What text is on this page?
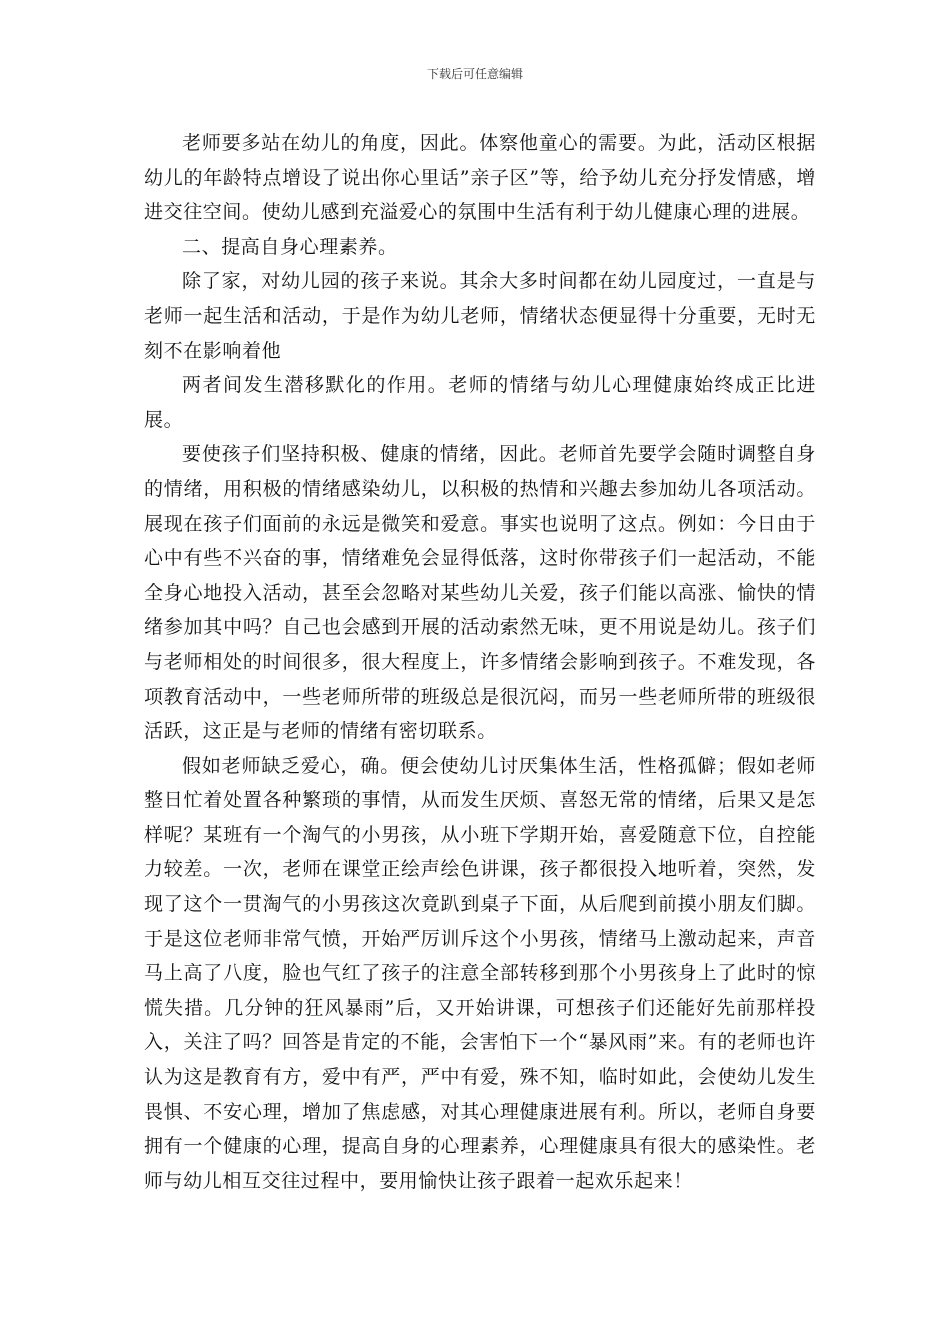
下载后可任意编辑

老师要多站在幼儿的角度，因此。体察他童心的需要。为此，活动区根据幼儿的年龄特点增设了说出你心里话”亲子区”等，给予幼儿充分抒发情感，增进交往空间。使幼儿感到充溢爱心的氛围中生活有利于幼儿健康心理的进展。

二、提高自身心理素养。

除了家，对幼儿园的孩子来说。其余大多时间都在幼儿园度过，一直是与老师一起生活和活动，于是作为幼儿老师，情绪状态便显得十分重要，无时无刻不在影响着他

两者间发生潜移默化的作用。老师的情绪与幼儿心理健康始终成正比进展。

要使孩子们坚持积极、健康的情绪，因此。老师首先要学会随时调整自身的情绪，用积极的情绪感染幼儿，以积极的热情和兴趣去参加幼儿各项活动。展现在孩子们面前的永远是微笑和爱意。事实也说明了这点。例如：今日由于心中有些不兴奋的事，情绪难免会显得低落，这时你带孩子们一起活动，不能全身心地投入活动，甚至会忽略对某些幼儿关爱，孩子们能以高涨、愉快的情绪参加其中吗？自己也会感到开展的活动索然无味，更不用说是幼儿。孩子们与老师相处的时间很多，很大程度上，许多情绪会影响到孩子。不难发现，各项教育活动中，一些老师所带的班级总是很沉闷，而另一些老师所带的班级很活跃，这正是与老师的情绪有密切联系。

假如老师缺乏爱心，确。便会使幼儿讨厌集体生活，性格孤僻；假如老师整日忙着处置各种繁琐的事情，从而发生厌烦、喜怒无常的情绪，后果又是怎样呢？某班有一个淘气的小男孩，从小班下学期开始，喜爱随意下位，自控能力较差。一次，老师在课堂正绘声绘色讲课，孩子都很投入地听着，突然，发现了这个一贯淘气的小男孩这次竟趴到桌子下面，从后爬到前摸小朋友们脚。于是这位老师非常气愤，开始严厉训斥这个小男孩，情绪马上激动起来，声音马上高了八度，脸也气红了孩子的注意全部转移到那个小男孩身上了此时的惊慌失措。几分钟的狂风暴雨”后，又开始讲课，可想孩子们还能好先前那样投入，关注了吗？回答是肯定的不能，会害怕下一个“暴风雨”来。有的老师也许认为这是教育有方，爱中有严，严中有爱，殊不知，临时如此，会使幼儿发生畏惧、不安心理，增加了焦虑感，对其心理健康进展有利。所以，老师自身要拥有一个健康的心理，提高自身的心理素养，心理健康具有很大的感染性。老师与幼儿相互交往过程中，要用愉快让孩子跟着一起欢乐起来！
